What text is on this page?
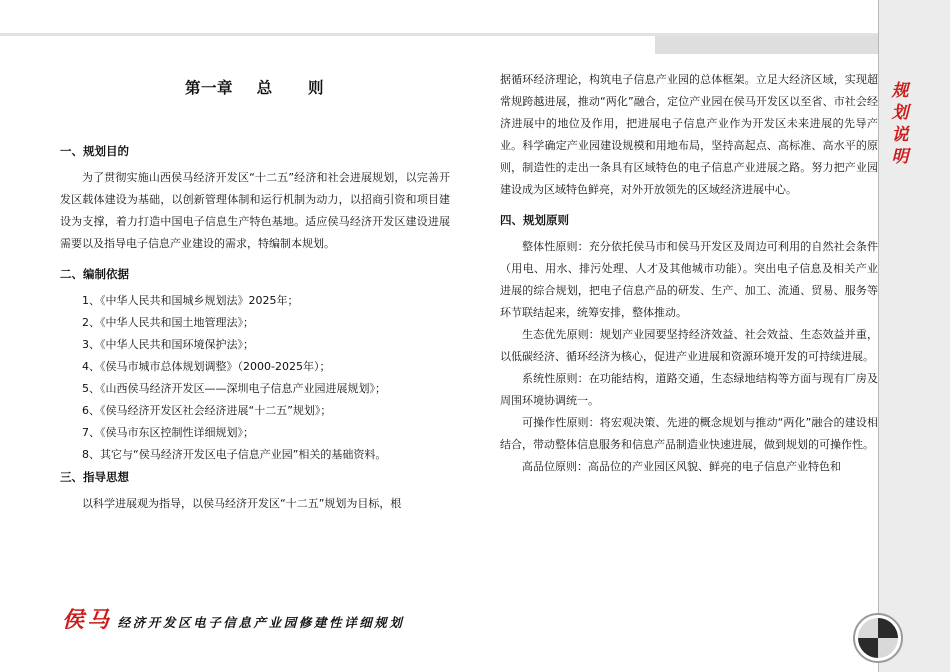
规划说明
第一章    总      则

一、规划目的

为了贯彻实施山西侯马经济开发区“十二五”经济和社会进展规划，以完善开发区载体建设为基础，以创新管理体制和运行机制为动力，以招商引资和项目建设为支撑，着力打造中国电子信息生产特色基地。适应侯马经济开发区建设进展需要以及指导电子信息产业建设的需求，特编制本规划。

二、编制依据

1、《中华人民共和国城乡规划法》2025年；

2、《中华人民共和国土地管理法》；

3、《中华人民共和国环境保护法》；

4、《侯马市城市总体规划调整》（2000-2025年）；

5、《山西侯马经济开发区——深圳电子信息产业园进展规划》；

6、《侯马经济开发区社会经济进展“十二五”规划》；

7、《侯马市东区控制性详细规划》；

8、其它与“侯马经济开发区电子信息产业园”相关的基础资料。

三、指导思想

以科学进展观为指导，以侯马经济开发区“十二五”规划为目标，根

据循环经济理论，构筑电子信息产业园的总体框架。立足大经济区域，实现超常规跨越进展，推动“两化”融合，定位产业园在侯马开发区以至省、市社会经济进展中的地位及作用，把进展电子信息产业作为开发区未来进展的先导产业。科学确定产业园建设规模和用地布局，坚持高起点、高标准、高水平的原则，制造性的走出一条具有区域特色的电子信息产业进展之路。努力把产业园建设成为区域特色鲜亮，对外开放领先的区域经济进展中心。

四、规划原则

整体性原则：充分依托侯马市和侯马开发区及周边可利用的自然社会条件（用电、用水、排污处理、人才及其他城市功能）。突出电子信息及相关产业进展的综合规划，把电子信息产品的研发、生产、加工、流通、贸易、服务等环节联结起来，统筹安排，整体推动。

生态优先原则：规划产业园要坚持经济效益、社会效益、生态效益并重，以低碳经济、循环经济为核心，促进产业进展和资源环境开发的可持续进展。

系统性原则：在功能结构，道路交通，生态绿地结构等方面与现有厂房及周围环境协调统一。

可操作性原则：将宏观决策、先进的概念规划与推动“两化”融合的建设相结合，带动整体信息服务和信息产品制造业快速进展，做到规划的可操作性。

高品位原则：高品位的产业园区风貌、鲜亮的电子信息产业特色和

侯马 经济开发区电子信息产业园修建性详细规划
